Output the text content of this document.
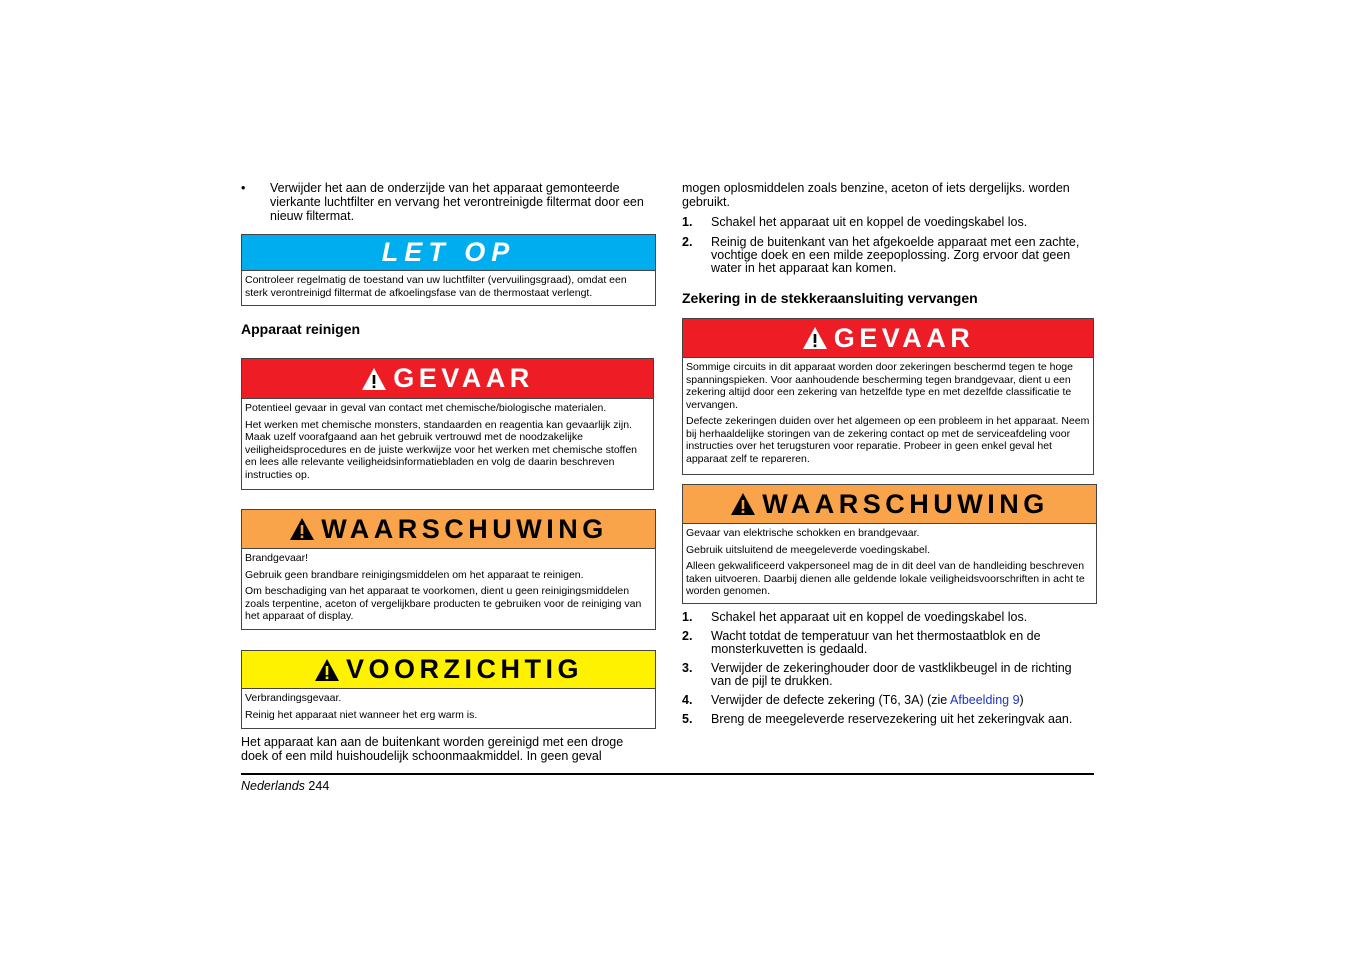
• Verwijder het aan de onderzijde van het apparaat gemonteerde vierkante luchtfilter en vervang het verontreinigde filtermat door een nieuw filtermat.

LET OP
Controleer regelmatig de toestand van uw luchtfilter (vervuilingsgraad), omdat een sterk verontreinigd filtermat de afkoelingsfase van de thermostaat verlengt.
Apparaat reinigen
GEVAAR
Potentieel gevaar in geval van contact met chemische/biologische materialen.
Het werken met chemische monsters, standaarden en reagentia kan gevaarlijk zijn. Maak uzelf voorafgaand aan het gebruik vertrouwd met de noodzakelijke veiligheidsprocedures en de juiste werkwijze voor het werken met chemische stoffen en lees alle relevante veiligheidsinformatiebladen en volg de daarin beschreven instructies op.
WAARSCHUWING
Brandgevaar!
Gebruik geen brandbare reinigingsmiddelen om het apparaat te reinigen.
Om beschadiging van het apparaat te voorkomen, dient u geen reinigingsmiddelen zoals terpentine, aceton of vergelijkbare producten te gebruiken voor de reiniging van het apparaat of display.
VOORZICHTIG
Verbrandingsgevaar.
Reinig het apparaat niet wanneer het erg warm is.

Het apparaat kan aan de buitenkant worden gereinigd met een droge doek of een mild huishoudelijk schoonmaakmiddel. In geen geval

mogen oplosmiddelen zoals benzine, aceton of iets dergelijks. worden gebruikt.

1. Schakel het apparaat uit en koppel de voedingskabel los.
2. Reinig de buitenkant van het afgekoelde apparaat met een zachte, vochtige doek en een milde zeepoplossing. Zorg ervoor dat geen water in het apparaat kan komen.
Zekering in de stekkeraansluiting vervangen
GEVAAR
Sommige circuits in dit apparaat worden door zekeringen beschermd tegen te hoge spanningspieken. Voor aanhoudende bescherming tegen brandgevaar, dient u een zekering altijd door een zekering van hetzelfde type en met dezelfde classificatie te vervangen.
Defecte zekeringen duiden over het algemeen op een probleem in het apparaat. Neem bij herhaaldelijke storingen van de zekering contact op met de serviceafdeling voor instructies over het terugsturen voor reparatie. Probeer in geen enkel geval het apparaat zelf te repareren.
WAARSCHUWING
Gevaar van elektrische schokken en brandgevaar.
Gebruik uitsluitend de meegeleverde voedingskabel.
Alleen gekwalificeerd vakpersoneel mag de in dit deel van de handleiding beschreven taken uitvoeren. Daarbij dienen alle geldende lokale veiligheidsvoorschriften in acht te worden genomen.
1. Schakel het apparaat uit en koppel de voedingskabel los.
2. Wacht totdat de temperatuur van het thermostaatblok en de monsterkuvetten is gedaald.
3. Verwijder de zekeringhouder door de vastklikbeugel in de richting van de pijl te drukken.
4. Verwijder de defecte zekering (T6, 3A) (zie Afbeelding 9)
5. Breng de meegeleverde reservezekering uit het zekeringvak aan.
Nederlands 244
